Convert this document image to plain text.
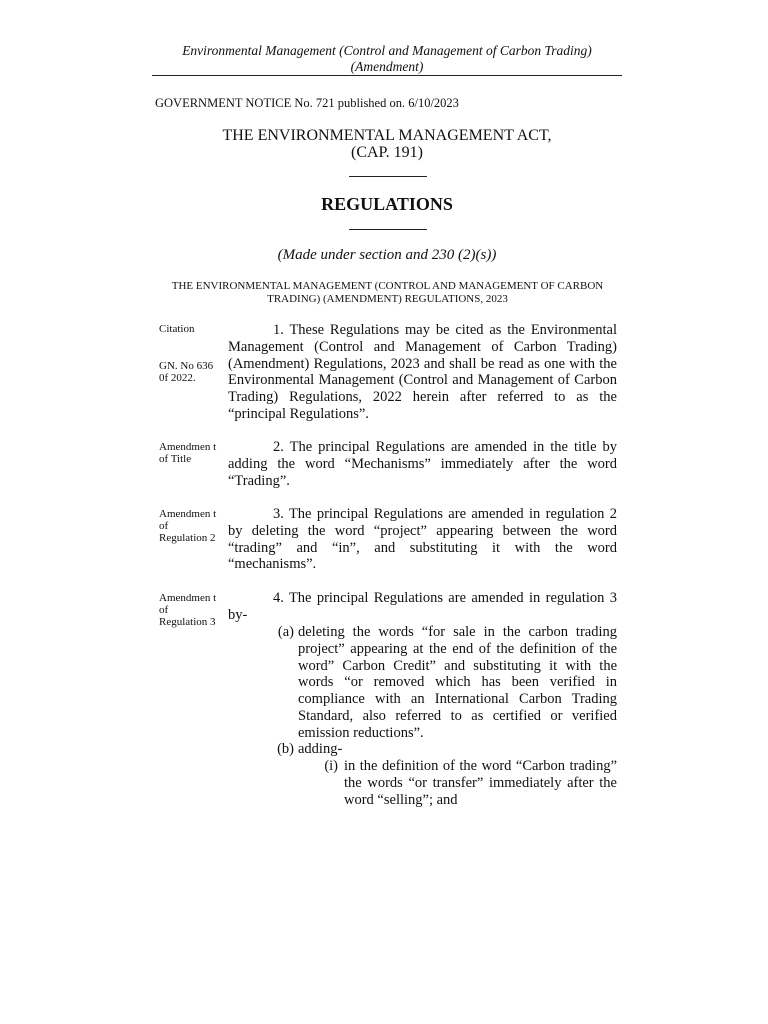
Environmental Management (Control and Management of Carbon Trading) (Amendment)
GOVERNMENT NOTICE No. 721 published on. 6/10/2023
THE ENVIRONMENTAL MANAGEMENT ACT,
(CAP. 191)
REGULATIONS
(Made under section and 230 (2)(s))
THE ENVIRONMENTAL MANAGEMENT (CONTROL AND MANAGEMENT OF CARBON TRADING) (AMENDMENT) REGULATIONS, 2023
Citation
GN. No 636 0f 2022.
1. These Regulations may be cited as the Environmental Management (Control and Management of Carbon Trading) (Amendment) Regulations, 2023 and shall be read as one with the Environmental Management (Control and Management of Carbon Trading) Regulations, 2022 herein after referred to as the “principal Regulations”.
Amendmen t of Title
2. The principal Regulations are amended in the title by adding the word “Mechanisms” immediately after the word “Trading”.
Amendmen t of Regulation 2
3. The principal Regulations are amended in regulation 2 by deleting the word “project” appearing between the word “trading” and “in”, and substituting it with the word “mechanisms”.
Amendmen t of Regulation 3
4. The principal Regulations are amended in regulation 3 by-
(a) deleting the words “for sale in the carbon trading project” appearing at the end of the definition of the word” Carbon Credit” and substituting it with the words “or removed which has been verified in compliance with an International Carbon Trading Standard, also referred to as certified or verified emission reductions”.
(b) adding-
(i) in the definition of the word “Carbon trading” the words “or transfer” immediately after the word “selling”; and
